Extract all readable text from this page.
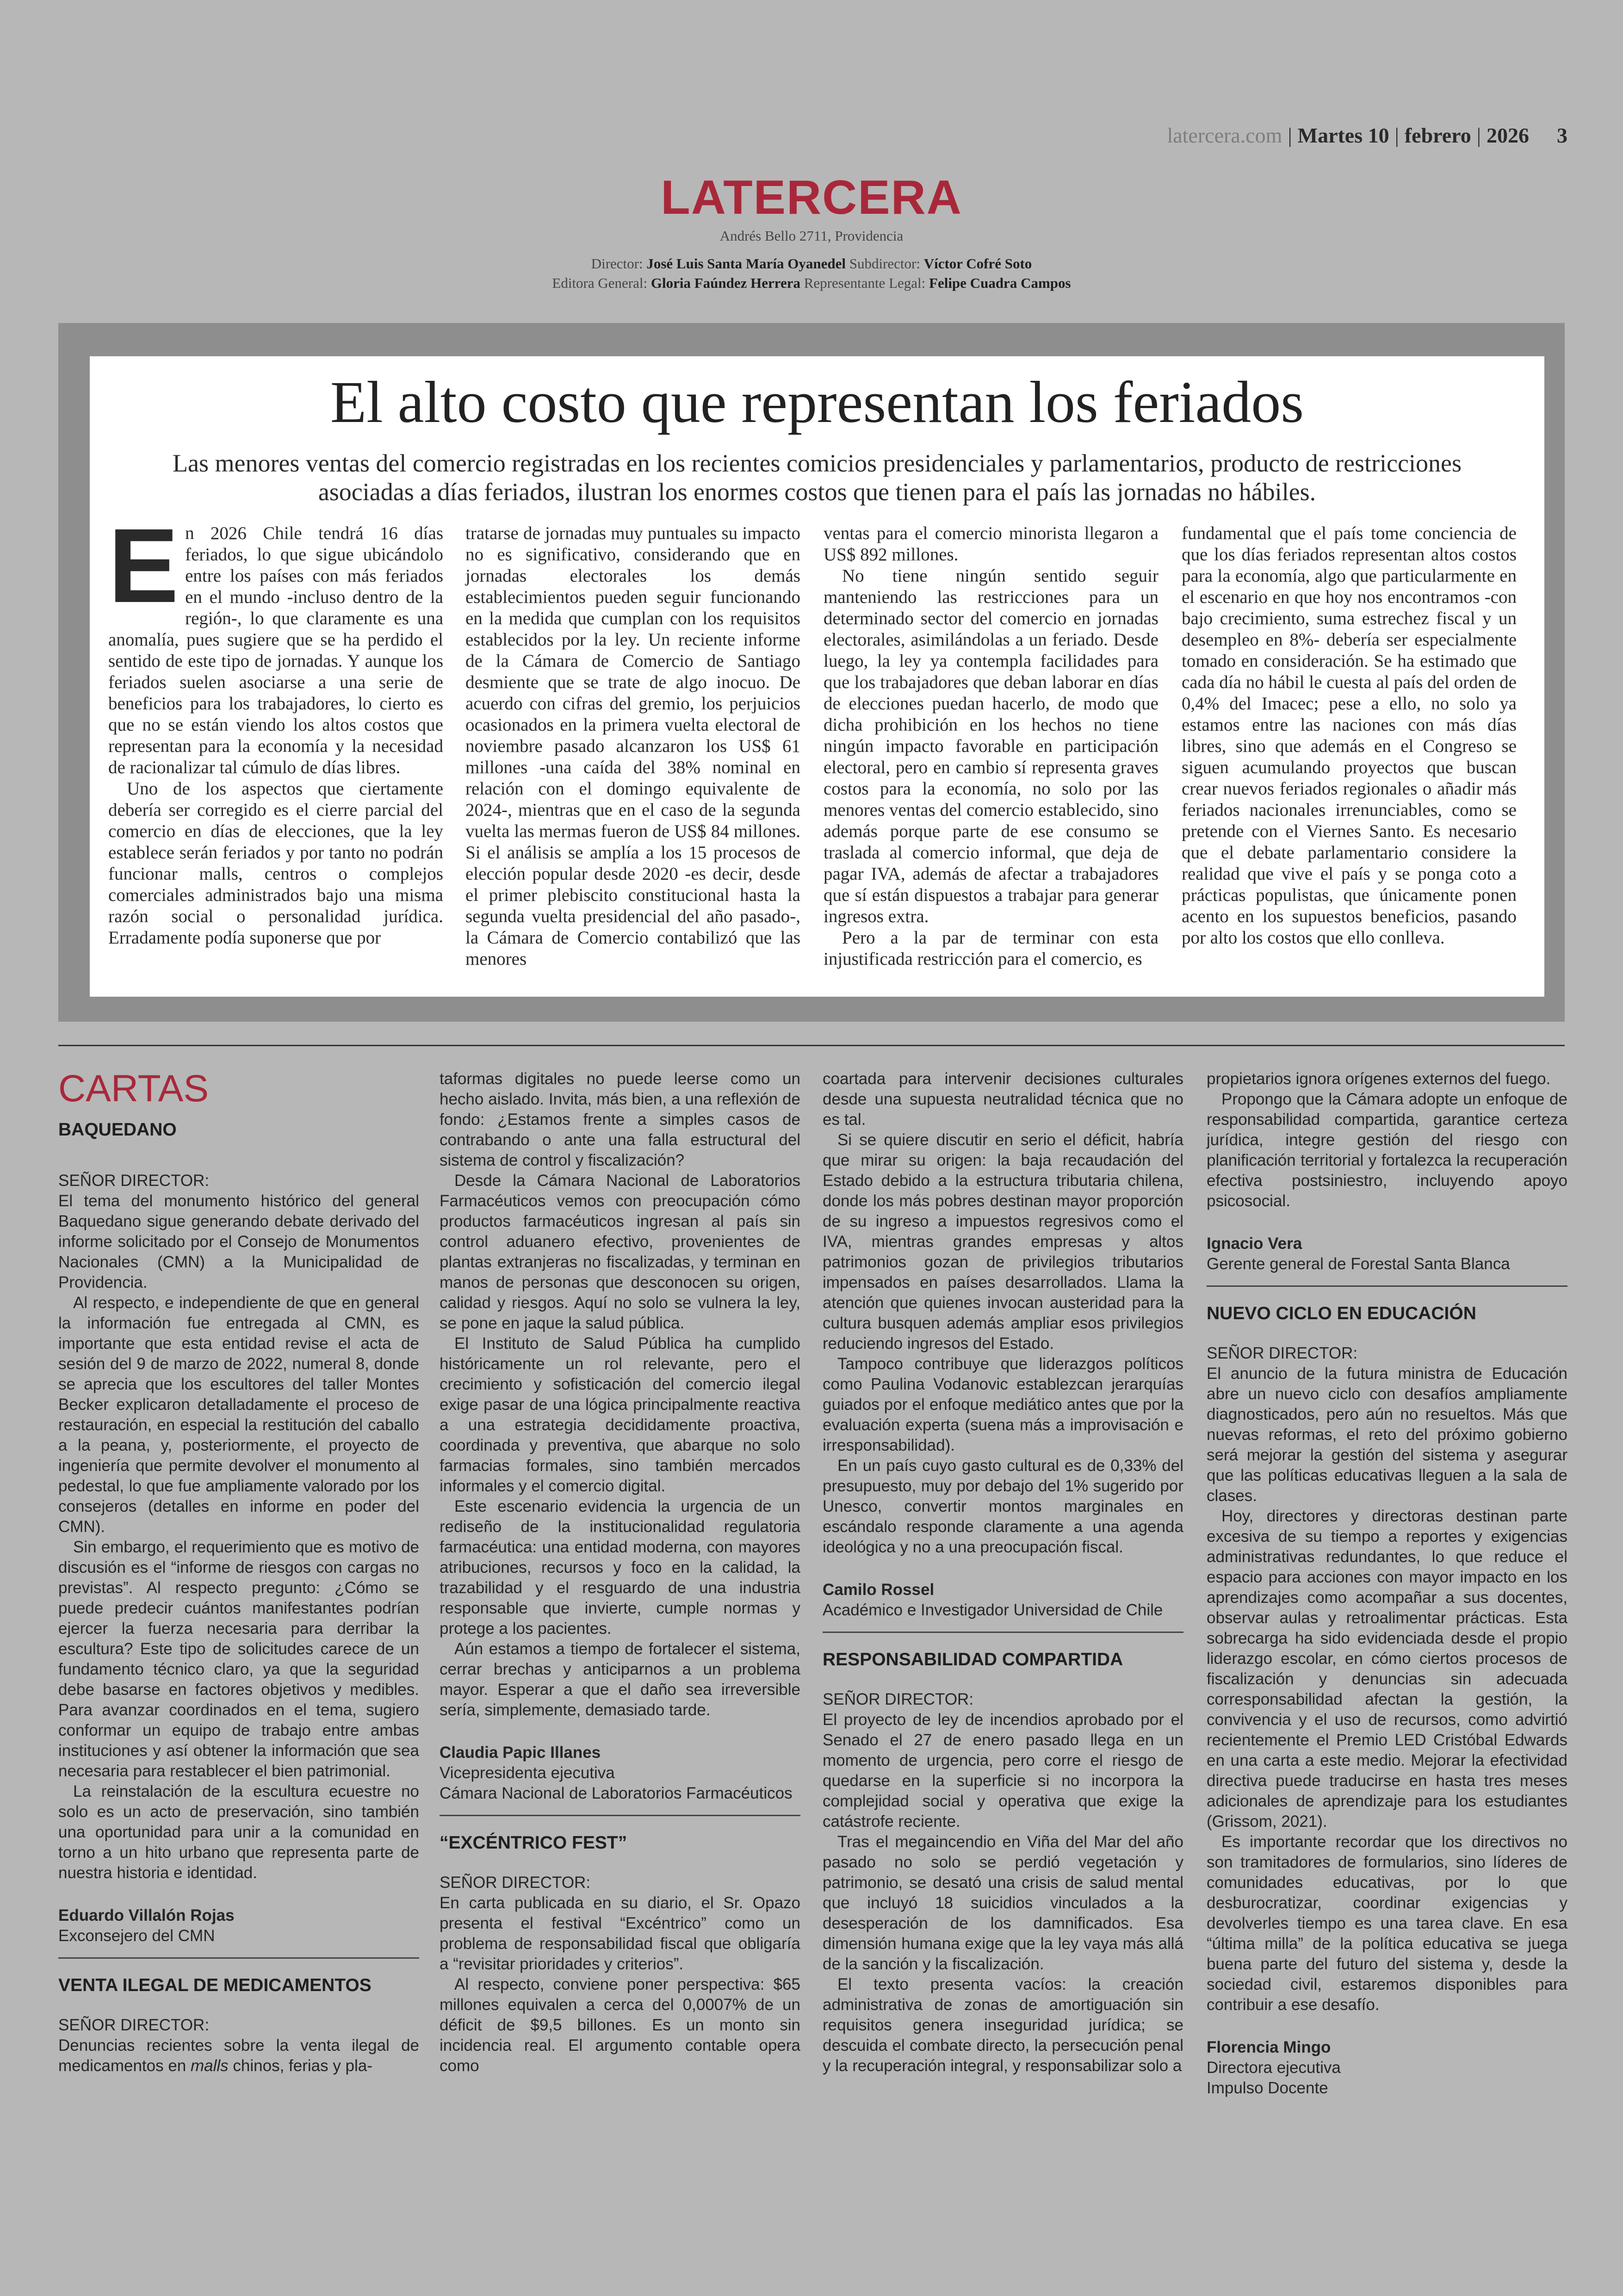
latercera.com | Martes 10 | febrero | 2026 3
LATERCERA
Andrés Bello 2711, Providencia
Director: José Luis Santa María Oyanedel Subdirector: Víctor Cofré Soto
Editora General: Gloria Faúndez Herrera Representante Legal: Felipe Cuadra Campos
El alto costo que representan los feriados
Las menores ventas del comercio registradas en los recientes comicios presidenciales y parlamentarios, producto de restricciones asociadas a días feriados, ilustran los enormes costos que tienen para el país las jornadas no hábiles.
E n 2026 Chile tendrá 16 días feriados, lo que sigue ubicándolo entre los países con más feriados en el mundo -incluso dentro de la región-, lo que claramente es una anomalía, pues sugiere que se ha perdido el sentido de este tipo de jornadas. Y aunque los feriados suelen asociarse a una serie de beneficios para los trabajadores, lo cierto es que no se están viendo los altos costos que representan para la economía y la necesidad de racionalizar tal cúmulo de días libres.

Uno de los aspectos que ciertamente debería ser corregido es el cierre parcial del comercio en días de elecciones, que la ley establece serán feriados y por tanto no podrán funcionar malls, centros o complejos comerciales administrados bajo una misma razón social o personalidad jurídica. Erradamente podía suponerse que por

tratarse de jornadas muy puntuales su impacto no es significativo, considerando que en jornadas electorales los demás establecimientos pueden seguir funcionando en la medida que cumplan con los requisitos establecidos por la ley. Un reciente informe de la Cámara de Comercio de Santiago desmiente que se trate de algo inocuo. De acuerdo con cifras del gremio, los perjuicios ocasionados en la primera vuelta electoral de noviembre pasado alcanzaron los US$ 61 millones -una caída del 38% nominal en relación con el domingo equivalente de 2024-, mientras que en el caso de la segunda vuelta las mermas fueron de US$ 84 millones. Si el análisis se amplía a los 15 procesos de elección popular desde 2020 -es decir, desde el primer plebiscito constitucional hasta la segunda vuelta presidencial del año pasado-, la Cámara de Comercio contabilizó que las menores

ventas para el comercio minorista llegaron a US$ 892 millones.

No tiene ningún sentido seguir manteniendo las restricciones para un determinado sector del comercio en jornadas electorales, asimilándolas a un feriado. Desde luego, la ley ya contempla facilidades para que los trabajadores que deban laborar en días de elecciones puedan hacerlo, de modo que dicha prohibición en los hechos no tiene ningún impacto favorable en participación electoral, pero en cambio sí representa graves costos para la economía, no solo por las menores ventas del comercio establecido, sino además porque parte de ese consumo se traslada al comercio informal, que deja de pagar IVA, además de afectar a trabajadores que sí están dispuestos a trabajar para generar ingresos extra.

Pero a la par de terminar con esta injustificada restricción para el comercio, es

fundamental que el país tome conciencia de que los días feriados representan altos costos para la economía, algo que particularmente en el escenario en que hoy nos encontramos -con bajo crecimiento, suma estrechez fiscal y un desempleo en 8%- debería ser especialmente tomado en consideración. Se ha estimado que cada día no hábil le cuesta al país del orden de 0,4% del Imacec; pese a ello, no solo ya estamos entre las naciones con más días libres, sino que además en el Congreso se siguen acumulando proyectos que buscan crear nuevos feriados regionales o añadir más feriados nacionales irrenunciables, como se pretende con el Viernes Santo. Es necesario que el debate parlamentario considere la realidad que vive el país y se ponga coto a prácticas populistas, que únicamente ponen acento en los supuestos beneficios, pasando por alto los costos que ello conlleva.

CARTAS

BAQUEDANO

SEÑOR DIRECTOR:

El tema del monumento histórico del general Baquedano sigue generando debate derivado del informe solicitado por el Consejo de Monumentos Nacionales (CMN) a la Municipalidad de Providencia.

Al respecto, e independiente de que en general la información fue entregada al CMN, es importante que esta entidad revise el acta de sesión del 9 de marzo de 2022, numeral 8, donde se aprecia que los escultores del taller Montes Becker explicaron detalladamente el proceso de restauración, en especial la restitución del caballo a la peana, y, posteriormente, el proyecto de ingeniería que permite devolver el monumento al pedestal, lo que fue ampliamente valorado por los consejeros (detalles en informe en poder del CMN).

Sin embargo, el requerimiento que es motivo de discusión es el “informe de riesgos con cargas no previstas”. Al respecto pregunto: ¿Cómo se puede predecir cuántos manifestantes podrían ejercer la fuerza necesaria para derribar la escultura? Este tipo de solicitudes carece de un fundamento técnico claro, ya que la seguridad debe basarse en factores objetivos y medibles. Para avanzar coordinados en el tema, sugiero conformar un equipo de trabajo entre ambas instituciones y así obtener la información que sea necesaria para restablecer el bien patrimonial.

La reinstalación de la escultura ecuestre no solo es un acto de preservación, sino también una oportunidad para unir a la comunidad en torno a un hito urbano que representa parte de nuestra historia e identidad.

Eduardo Villalón Rojas

Exconsejero del CMN

VENTA ILEGAL DE MEDICAMENTOS

SEÑOR DIRECTOR:

Denuncias recientes sobre la venta ilegal de medicamentos en malls chinos, ferias y pla-

taformas digitales no puede leerse como un hecho aislado. Invita, más bien, a una reflexión de fondo: ¿Estamos frente a simples casos de contrabando o ante una falla estructural del sistema de control y fiscalización?

Desde la Cámara Nacional de Laboratorios Farmacéuticos vemos con preocupación cómo productos farmacéuticos ingresan al país sin control aduanero efectivo, provenientes de plantas extranjeras no fiscalizadas, y terminan en manos de personas que desconocen su origen, calidad y riesgos. Aquí no solo se vulnera la ley, se pone en jaque la salud pública.

El Instituto de Salud Pública ha cumplido históricamente un rol relevante, pero el crecimiento y sofisticación del comercio ilegal exige pasar de una lógica principalmente reactiva a una estrategia decididamente proactiva, coordinada y preventiva, que abarque no solo farmacias formales, sino también mercados informales y el comercio digital.

Este escenario evidencia la urgencia de un rediseño de la institucionalidad regulatoria farmacéutica: una entidad moderna, con mayores atribuciones, recursos y foco en la calidad, la trazabilidad y el resguardo de una industria responsable que invierte, cumple normas y protege a los pacientes.

Aún estamos a tiempo de fortalecer el sistema, cerrar brechas y anticiparnos a un problema mayor. Esperar a que el daño sea irreversible sería, simplemente, demasiado tarde.

Claudia Papic Illanes

Vicepresidenta ejecutiva

Cámara Nacional de Laboratorios Farmacéuticos

“EXCÉNTRICO FEST”

SEÑOR DIRECTOR:

En carta publicada en su diario, el Sr. Opazo presenta el festival “Excéntrico” como un problema de responsabilidad fiscal que obligaría a “revisitar prioridades y criterios”.

Al respecto, conviene poner perspectiva: $65 millones equivalen a cerca del 0,0007% de un déficit de $9,5 billones. Es un monto sin incidencia real. El argumento contable opera como

coartada para intervenir decisiones culturales desde una supuesta neutralidad técnica que no es tal.

Si se quiere discutir en serio el déficit, habría que mirar su origen: la baja recaudación del Estado debido a la estructura tributaria chilena, donde los más pobres destinan mayor proporción de su ingreso a impuestos regresivos como el IVA, mientras grandes empresas y altos patrimonios gozan de privilegios tributarios impensados en países desarrollados. Llama la atención que quienes invocan austeridad para la cultura busquen además ampliar esos privilegios reduciendo ingresos del Estado.

Tampoco contribuye que liderazgos políticos como Paulina Vodanovic establezcan jerarquías guiados por el enfoque mediático antes que por la evaluación experta (suena más a improvisación e irresponsabilidad).

En un país cuyo gasto cultural es de 0,33% del presupuesto, muy por debajo del 1% sugerido por Unesco, convertir montos marginales en escándalo responde claramente a una agenda ideológica y no a una preocupación fiscal.

Camilo Rossel

Académico e Investigador Universidad de Chile

RESPONSABILIDAD COMPARTIDA

SEÑOR DIRECTOR:

El proyecto de ley de incendios aprobado por el Senado el 27 de enero pasado llega en un momento de urgencia, pero corre el riesgo de quedarse en la superficie si no incorpora la complejidad social y operativa que exige la catástrofe reciente.

Tras el megaincendio en Viña del Mar del año pasado no solo se perdió vegetación y patrimonio, se desató una crisis de salud mental que incluyó 18 suicidios vinculados a la desesperación de los damnificados. Esa dimensión humana exige que la ley vaya más allá de la sanción y la fiscalización.

El texto presenta vacíos: la creación administrativa de zonas de amortiguación sin requisitos genera inseguridad jurídica; se descuida el combate directo, la persecución penal y la recuperación integral, y responsabilizar solo a

propietarios ignora orígenes externos del fuego.

Propongo que la Cámara adopte un enfoque de responsabilidad compartida, garantice certeza jurídica, integre gestión del riesgo con planificación territorial y fortalezca la recuperación efectiva postsiniestro, incluyendo apoyo psicosocial.

Ignacio Vera

Gerente general de Forestal Santa Blanca

NUEVO CICLO EN EDUCACIÓN

SEÑOR DIRECTOR:

El anuncio de la futura ministra de Educación abre un nuevo ciclo con desafíos ampliamente diagnosticados, pero aún no resueltos. Más que nuevas reformas, el reto del próximo gobierno será mejorar la gestión del sistema y asegurar que las políticas educativas lleguen a la sala de clases.

Hoy, directores y directoras destinan parte excesiva de su tiempo a reportes y exigencias administrativas redundantes, lo que reduce el espacio para acciones con mayor impacto en los aprendizajes como acompañar a sus docentes, observar aulas y retroalimentar prácticas. Esta sobrecarga ha sido evidenciada desde el propio liderazgo escolar, en cómo ciertos procesos de fiscalización y denuncias sin adecuada corresponsabilidad afectan la gestión, la convivencia y el uso de recursos, como advirtió recientemente el Premio LED Cristóbal Edwards en una carta a este medio. Mejorar la efectividad directiva puede traducirse en hasta tres meses adicionales de aprendizaje para los estudiantes (Grissom, 2021).

Es importante recordar que los directivos no son tramitadores de formularios, sino líderes de comunidades educativas, por lo que desburocratizar, coordinar exigencias y devolverles tiempo es una tarea clave. En esa “última milla” de la política educativa se juega buena parte del futuro del sistema y, desde la sociedad civil, estaremos disponibles para contribuir a ese desafío.

Florencia Mingo

Directora ejecutiva

Impulso Docente
